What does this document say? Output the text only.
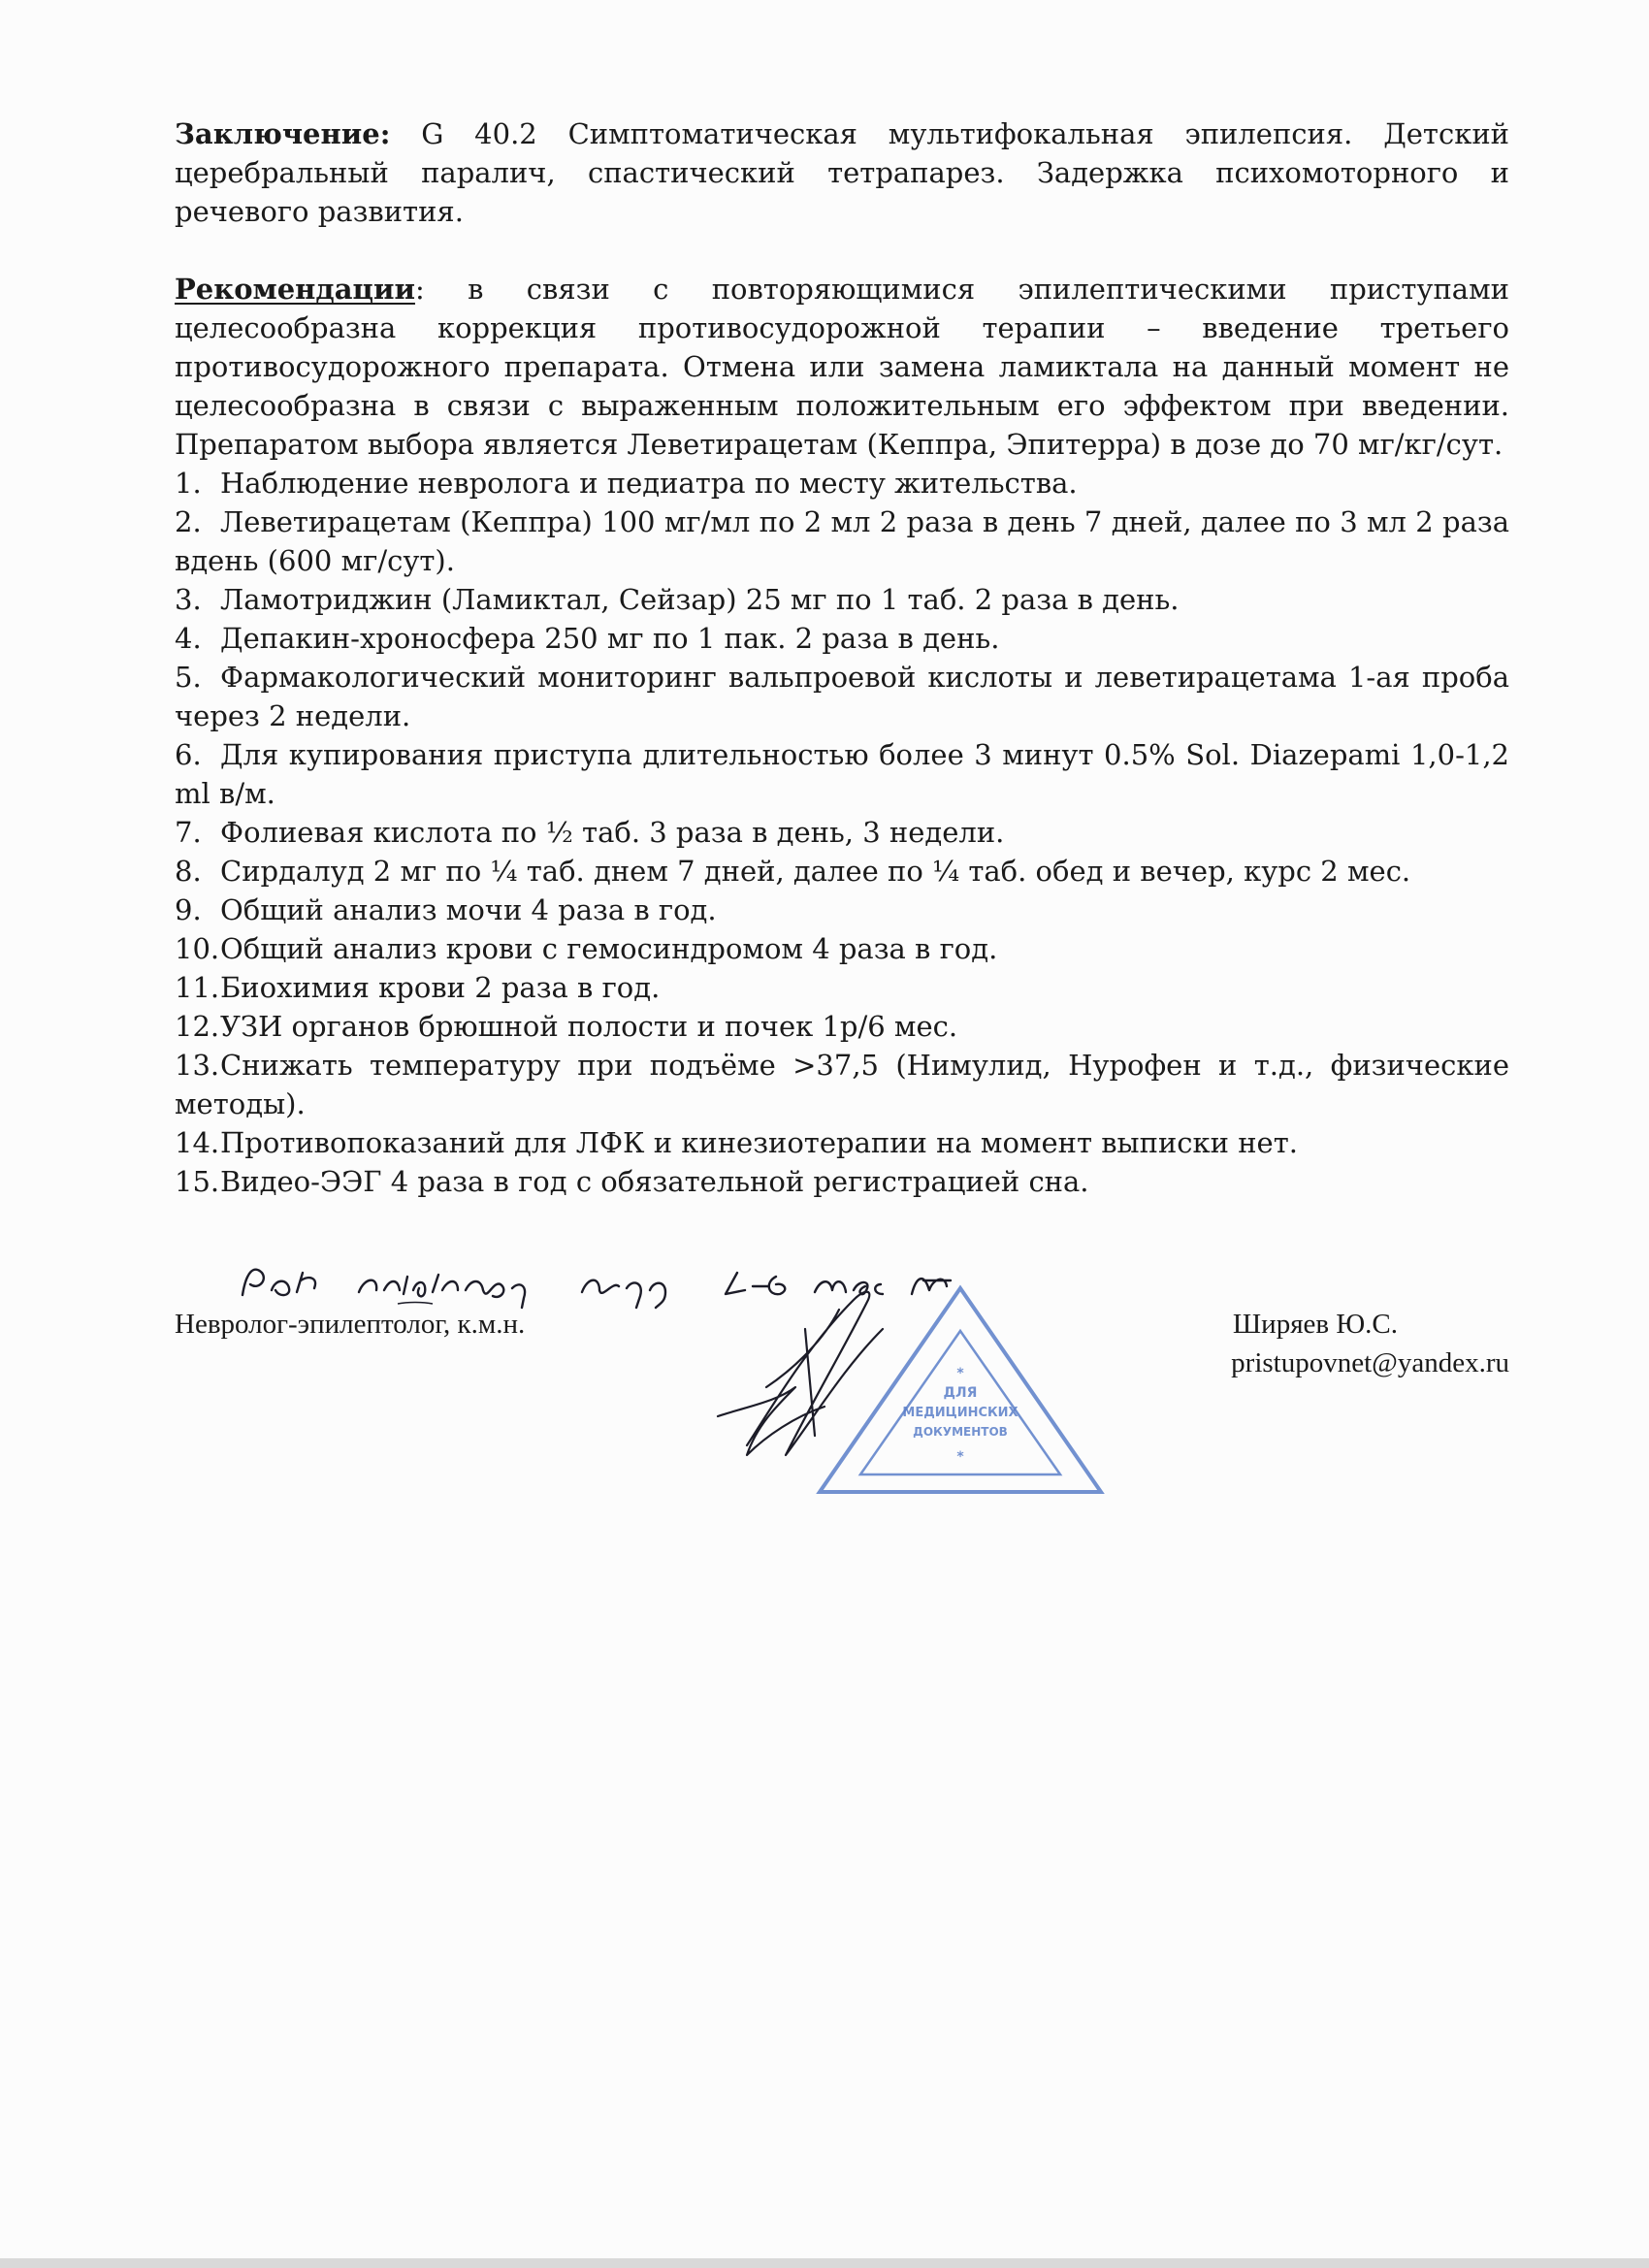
Заключение: G 40.2 Симптоматическая мультифокальная эпилепсия. Детский церебральный паралич, спастический тетрапарез. Задержка психомоторного и речевого развития.

Рекомендации: в связи с повторяющимися эпилептическими приступами целесообразна коррекция противосудорожной терапии – введение третьего противосудорожного препарата. Отмена или замена ламиктала на данный момент не целесообразна в связи с выраженным положительным его эффектом при введении. Препаратом выбора является Леветирацетам (Кеппра, Эпитерра) в дозе до 70 мг/кг/сут.

1. Наблюдение невролога и педиатра по месту жительства.
2. Леветирацетам (Кеппра) 100 мг/мл по 2 мл 2 раза в день 7 дней, далее по 3 мл 2 раза вдень (600 мг/сут).
3. Ламотриджин (Ламиктал, Сейзар) 25 мг по 1 таб. 2 раза в день.
4. Депакин-хроносфера 250 мг по 1 пак. 2 раза в день.
5. Фармакологический мониторинг вальпроевой кислоты и леветирацетама 1-ая проба через 2 недели.
6. Для купирования приступа длительностью более 3 минут 0.5% Sol. Diazepami 1,0-1,2 ml в/м.
7. Фолиевая кислота по ½ таб. 3 раза в день, 3 недели.
8. Сирдалуд 2 мг по ¼ таб. днем 7 дней, далее по ¼ таб. обед и вечер, курс 2 мес.
9. Общий анализ мочи 4 раза в год.
10.Общий анализ крови с гемосиндромом 4 раза в год.
11.Биохимия крови 2 раза в год.
12.УЗИ органов брюшной полости и почек 1р/6 мес.
13.Снижать температуру при подъёме >37,5 (Нимулид, Нурофен и т.д., физические методы).
14.Противопоказаний для ЛФК и кинезиотерапии на момент выписки нет.
15.Видео-ЭЭГ 4 раза в год с обязательной регистрацией сна.
ДЛЯ
МЕДИЦИНСКИХ
ДОКУМЕНТОВ
*
*
Невролог-эпилептолог, к.м.н.	Ширяев Ю.С.
pristupovnet@yandex.ru
